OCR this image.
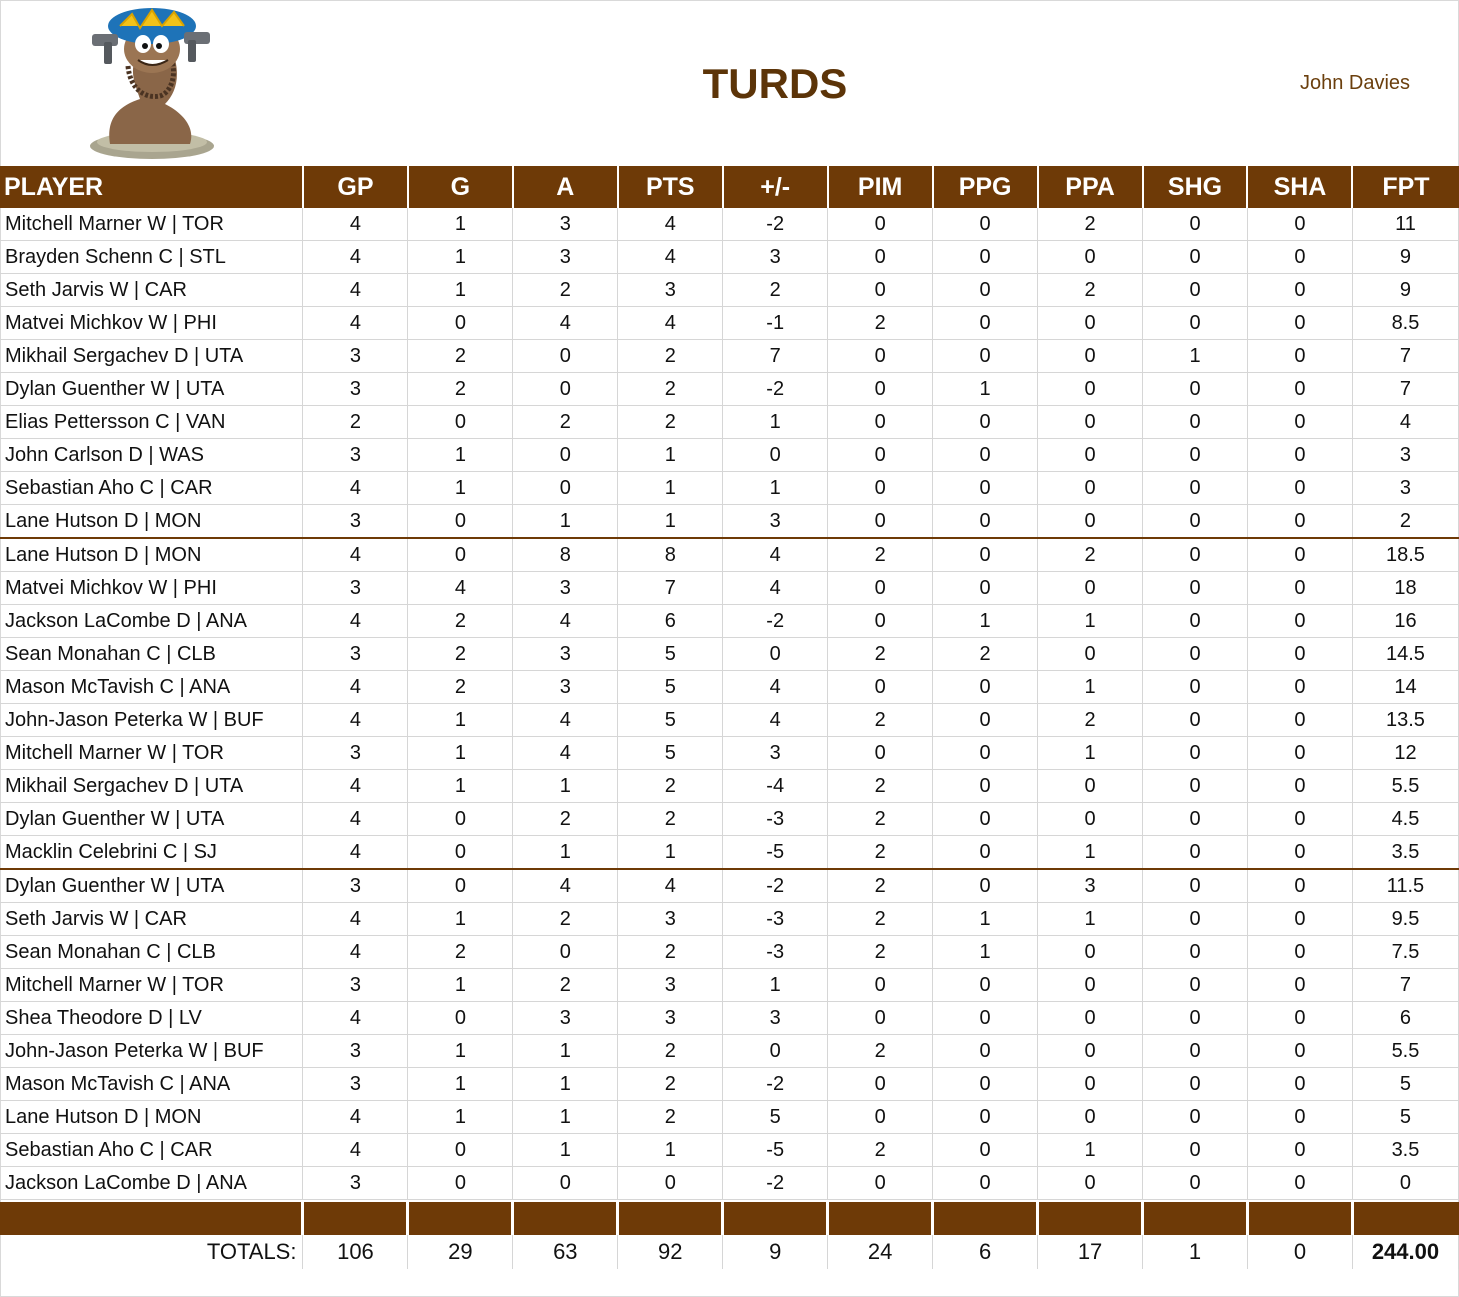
TURDS	John Davies
PLAYER	GP	G	A	PTS	+/-	PIM	PPG	PPA	SHG	SHA	FPT
Mitchell Marner W | TOR	4	1	3	4	-2	0	0	2	0	0	11
Brayden Schenn C | STL	4	1	3	4	3	0	0	0	0	0	9
Seth Jarvis W | CAR	4	1	2	3	2	0	0	2	0	0	9
Matvei Michkov W | PHI	4	0	4	4	-1	2	0	0	0	0	8.5
Mikhail Sergachev D | UTA	3	2	0	2	7	0	0	0	1	0	7
Dylan Guenther W | UTA	3	2	0	2	-2	0	1	0	0	0	7
Elias Pettersson C | VAN	2	0	2	2	1	0	0	0	0	0	4
John Carlson D | WAS	3	1	0	1	0	0	0	0	0	0	3
Sebastian Aho C | CAR	4	1	0	1	1	0	0	0	0	0	3
Lane Hutson D | MON	3	0	1	1	3	0	0	0	0	0	2
Lane Hutson D | MON	4	0	8	8	4	2	0	2	0	0	18.5
Matvei Michkov W | PHI	3	4	3	7	4	0	0	0	0	0	18
Jackson LaCombe D | ANA	4	2	4	6	-2	0	1	1	0	0	16
Sean Monahan C | CLB	3	2	3	5	0	2	2	0	0	0	14.5
Mason McTavish C | ANA	4	2	3	5	4	0	0	1	0	0	14
John-Jason Peterka W | BUF	4	1	4	5	4	2	0	2	0	0	13.5
Mitchell Marner W | TOR	3	1	4	5	3	0	0	1	0	0	12
Mikhail Sergachev D | UTA	4	1	1	2	-4	2	0	0	0	0	5.5
Dylan Guenther W | UTA	4	0	2	2	-3	2	0	0	0	0	4.5
Macklin Celebrini C | SJ	4	0	1	1	-5	2	0	1	0	0	3.5
Dylan Guenther W | UTA	3	0	4	4	-2	2	0	3	0	0	11.5
Seth Jarvis W | CAR	4	1	2	3	-3	2	1	1	0	0	9.5
Sean Monahan C | CLB	4	2	0	2	-3	2	1	0	0	0	7.5
Mitchell Marner W | TOR	3	1	2	3	1	0	0	0	0	0	7
Shea Theodore D | LV	4	0	3	3	3	0	0	0	0	0	6
John-Jason Peterka W | BUF	3	1	1	2	0	2	0	0	0	0	5.5
Mason McTavish C | ANA	3	1	1	2	-2	0	0	0	0	0	5
Lane Hutson D | MON	4	1	1	2	5	0	0	0	0	0	5
Sebastian Aho C | CAR	4	0	1	1	-5	2	0	1	0	0	3.5
Jackson LaCombe D | ANA	3	0	0	0	-2	0	0	0	0	0	0

TOTALS:	106	29	63	92	9	24	6	17	1	0	244.00
